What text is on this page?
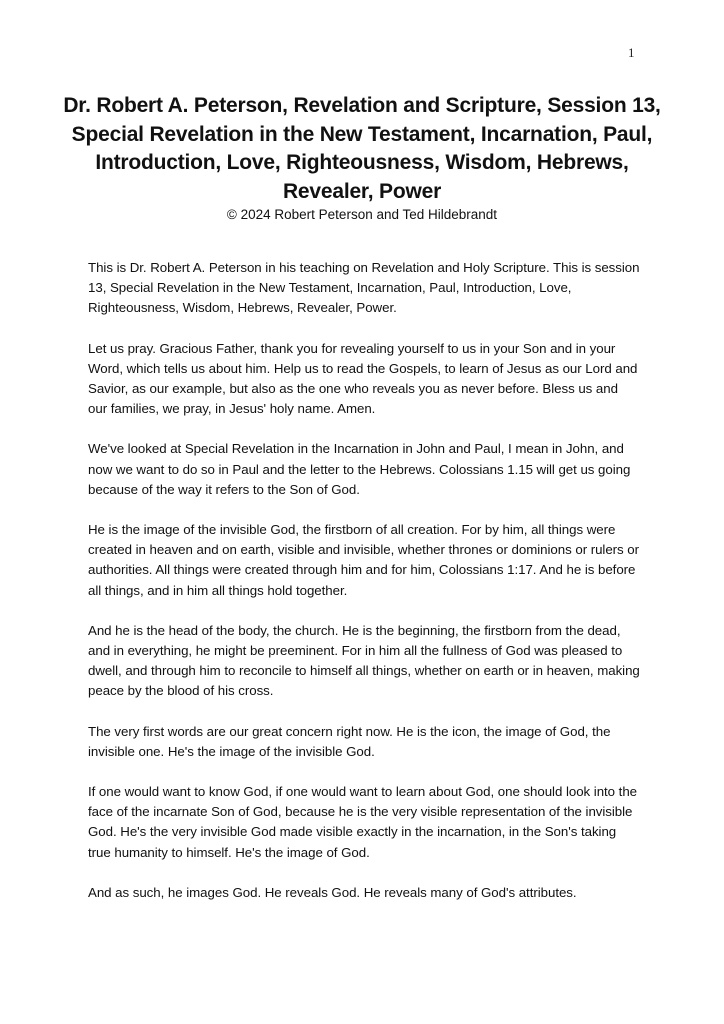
1
Dr. Robert A. Peterson, Revelation and Scripture, Session 13, Special Revelation in the New Testament, Incarnation, Paul, Introduction, Love, Righteousness, Wisdom, Hebrews, Revealer, Power

© 2024 Robert Peterson and Ted Hildebrandt

This is Dr. Robert A. Peterson in his teaching on Revelation and Holy Scripture. This is session 13, Special Revelation in the New Testament, Incarnation, Paul, Introduction, Love, Righteousness, Wisdom, Hebrews, Revealer, Power.

Let us pray. Gracious Father, thank you for revealing yourself to us in your Son and in your Word, which tells us about him. Help us to read the Gospels, to learn of Jesus as our Lord and Savior, as our example, but also as the one who reveals you as never before. Bless us and our families, we pray, in Jesus' holy name. Amen.

We've looked at Special Revelation in the Incarnation in John and Paul, I mean in John, and now we want to do so in Paul and the letter to the Hebrews. Colossians 1.15 will get us going because of the way it refers to the Son of God.

He is the image of the invisible God, the firstborn of all creation. For by him, all things were created in heaven and on earth, visible and invisible, whether thrones or dominions or rulers or authorities. All things were created through him and for him, Colossians 1:17. And he is before all things, and in him all things hold together.

And he is the head of the body, the church. He is the beginning, the firstborn from the dead, and in everything, he might be preeminent. For in him all the fullness of God was pleased to dwell, and through him to reconcile to himself all things, whether on earth or in heaven, making peace by the blood of his cross.

The very first words are our great concern right now. He is the icon, the image of God, the invisible one. He's the image of the invisible God.

If one would want to know God, if one would want to learn about God, one should look into the face of the incarnate Son of God, because he is the very visible representation of the invisible God. He's the very invisible God made visible exactly in the incarnation, in the Son's taking true humanity to himself. He's the image of God.

And as such, he images God. He reveals God. He reveals many of God's attributes.
